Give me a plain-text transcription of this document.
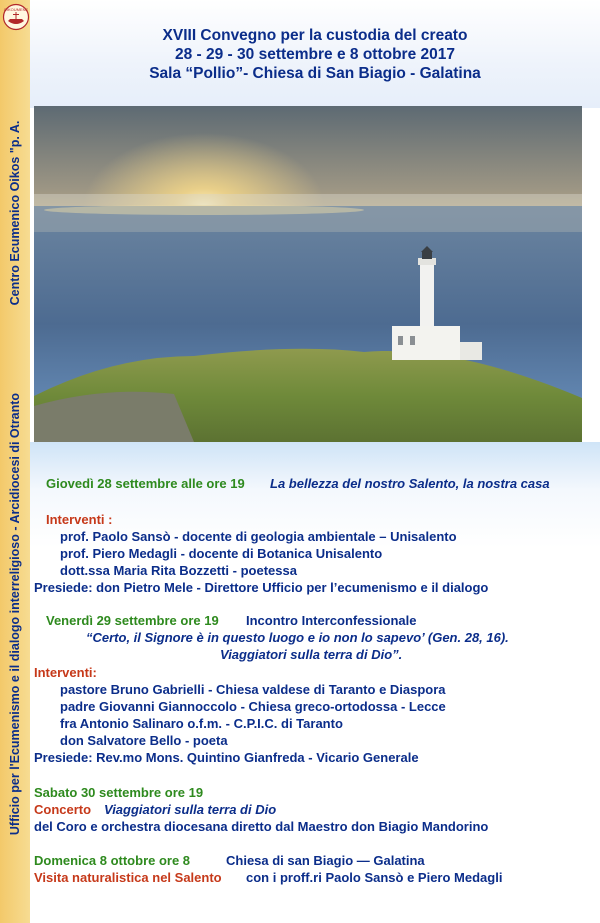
OIKOUMENE
Centro Ecumenico Oikos "p. A.
Ufficio per l'Ecumenismo e il dialogo interreligioso - Arcidiocesi di Otranto
XVIII Convegno per la custodia del creato
28 - 29 - 30 settembre e 8 ottobre 2017
Sala “Pollio”- Chiesa di San Biagio - Galatina
Giovedì 28 settembre alle ore 19 La bellezza del nostro Salento, la nostra casa
Interventi :
prof. Paolo Sansò - docente di geologia ambientale – Unisalento
prof. Piero Medagli - docente di Botanica Unisalento
dott.ssa Maria Rita Bozzetti - poetessa
Presiede: don Pietro Mele - Direttore Ufficio per l’ecumenismo e il dialogo
Venerdì 29 settembre ore 19 Incontro Interconfessionale
“Certo, il Signore è in questo luogo e io non lo sapevo’ (Gen. 28, 16).
Viaggiatori sulla terra di Dio”.
Interventi:
pastore Bruno Gabrielli - Chiesa valdese di Taranto e Diaspora
padre Giovanni Giannoccolo - Chiesa greco-ortodossa - Lecce
fra Antonio Salinaro o.f.m. - C.P.I.C. di Taranto
don Salvatore Bello - poeta
Presiede: Rev.mo Mons. Quintino Gianfreda - Vicario Generale
Sabato 30 settembre ore 19
Concerto Viaggiatori sulla terra di Dio
del Coro e orchestra diocesana diretto dal Maestro don Biagio Mandorino
Domenica 8 ottobre ore 8	Chiesa di san Biagio — Galatina
Visita naturalistica nel Salento con i proff.ri Paolo Sansò e Piero Medagli
